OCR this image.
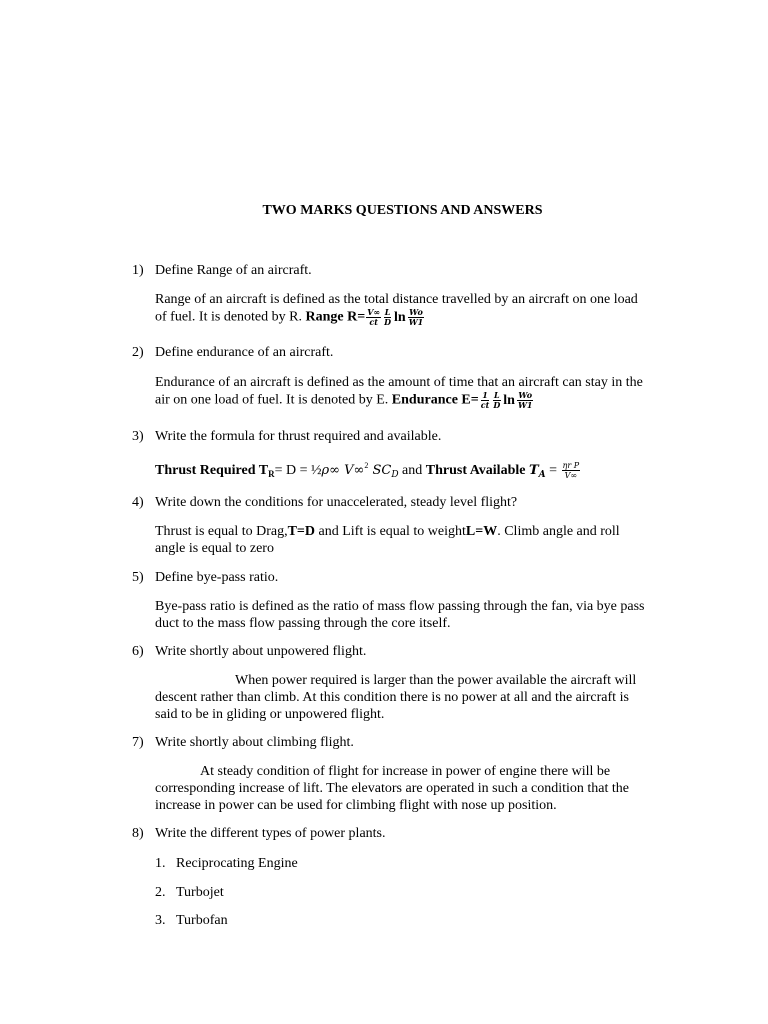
TWO MARKS QUESTIONS AND ANSWERS
1) Define Range of an aircraft.
Range of an aircraft is defined as the total distance travelled by an aircraft on one load
of fuel. It is denoted by R. Range $R= \frac{V\infty}{ct} \frac{L}{D}$ $\ln \frac{Wo}{W1}$
2) Define endurance of an aircraft.
Endurance of an aircraft is defined as the amount of time that an aircraft can stay in the
air on one load of fuel. It is denoted by E. Endurance $E= \frac{1}{ct} \frac{L}{D}$ $\ln \frac{Wo}{W1}$
3) Write the formula for thrust required and available.
Thrust Required $T_R= D$ = ½ρ∞ V∞$^2$ $SC_D$ and Thrust Available $T_A = \frac{\text{ηr P}}{V\infty}$
4) Write down the conditions for unaccelerated, steady level flight?
Thrust is equal to Drag,T=D and Lift is equal to weightL=W. Climb angle and roll
angle is equal to zero
5) Define bye-pass ratio.
Bye-pass ratio is defined as the ratio of mass flow passing through the fan, via bye pass
duct to the mass flow passing through the core itself.
6) Write shortly about unpowered flight.
When power required is larger than the power available the aircraft will
descent rather than climb. At this condition there is no power at all and the aircraft is
said to be in gliding or unpowered flight.
7) Write shortly about climbing flight.
At steady condition of flight for increase in power of engine there will be
corresponding increase of lift. The elevators are operated in such a condition that the
increase in power can be used for climbing flight with nose up position.
8) Write the different types of power plants.
1. Reciprocating Engine
2. Turbojet
3. Turbofan
